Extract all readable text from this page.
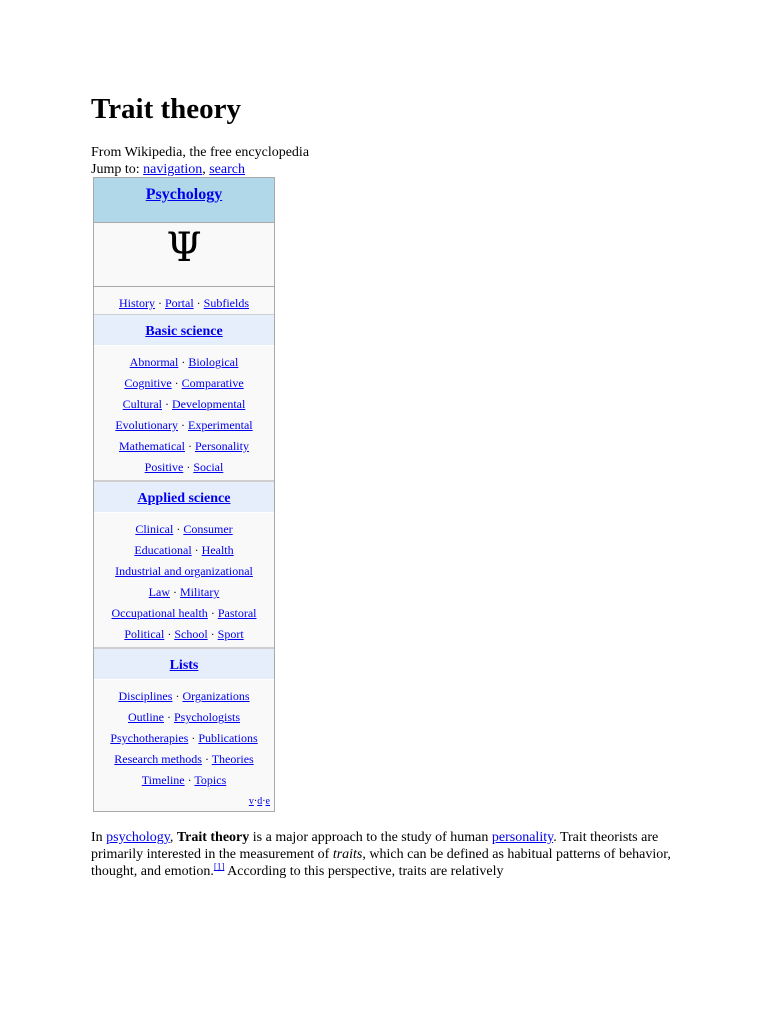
Trait theory
From Wikipedia, the free encyclopedia
Jump to: navigation, search
Psychology
Ψ
History · Portal · Subfields
Basic science
Abnormal · Biological
Cognitive · Comparative
Cultural · Developmental
Evolutionary · Experimental
Mathematical · Personality
Positive · Social
Applied science
Clinical · Consumer
Educational · Health
Industrial and organizational
Law · Military
Occupational health · Pastoral
Political · School · Sport
Lists
Disciplines · Organizations
Outline · Psychologists
Psychotherapies · Publications
Research methods · Theories
Timeline · Topics
v·d·e
In psychology, Trait theory is a major approach to the study of human personality. Trait theorists are primarily interested in the measurement of traits, which can be defined as habitual patterns of behavior, thought, and emotion.[1] According to this perspective, traits are relatively
